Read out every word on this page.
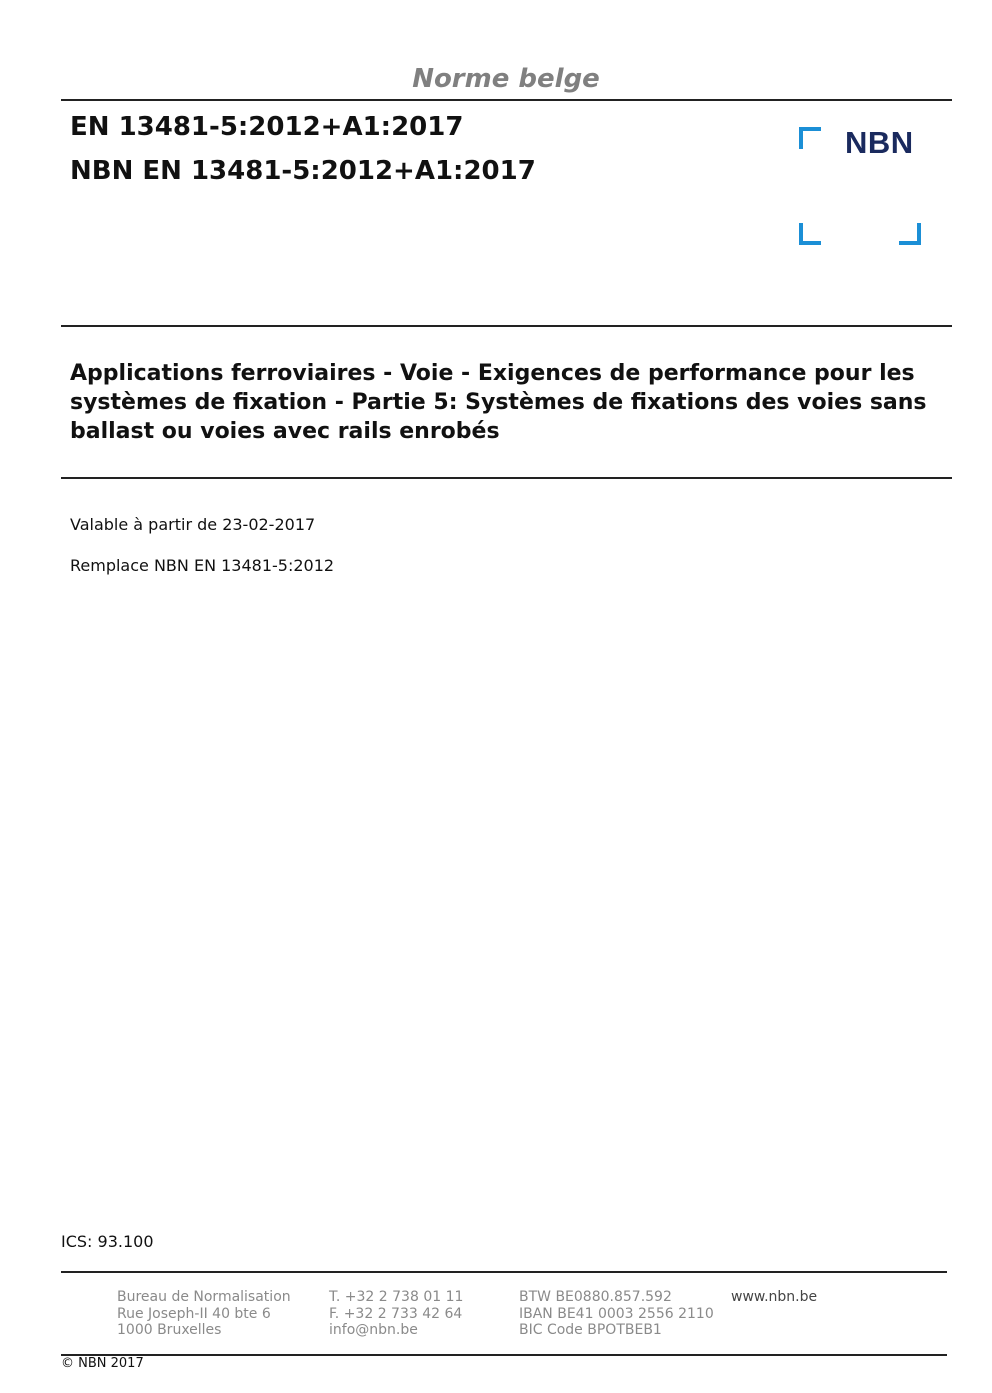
Norme belge
EN 13481-5:2012+A1:2017
NBN EN 13481-5:2012+A1:2017
NBN
Applications ferroviaires - Voie - Exigences de performance pour les systèmes de fixation - Partie 5: Systèmes de fixations des voies sans ballast ou voies avec rails enrobés
Valable à partir de 23-02-2017
Remplace NBN EN 13481-5:2012
ICS: 93.100
Bureau de Normalisation
Rue Joseph-II 40 bte 6
1000 Bruxelles
T. +32 2 738 01 11
F. +32 2 733 42 64
info@nbn.be
BTW BE0880.857.592
IBAN BE41 0003 2556 2110
BIC Code BPOTBEB1
www.nbn.be
© NBN 2017
